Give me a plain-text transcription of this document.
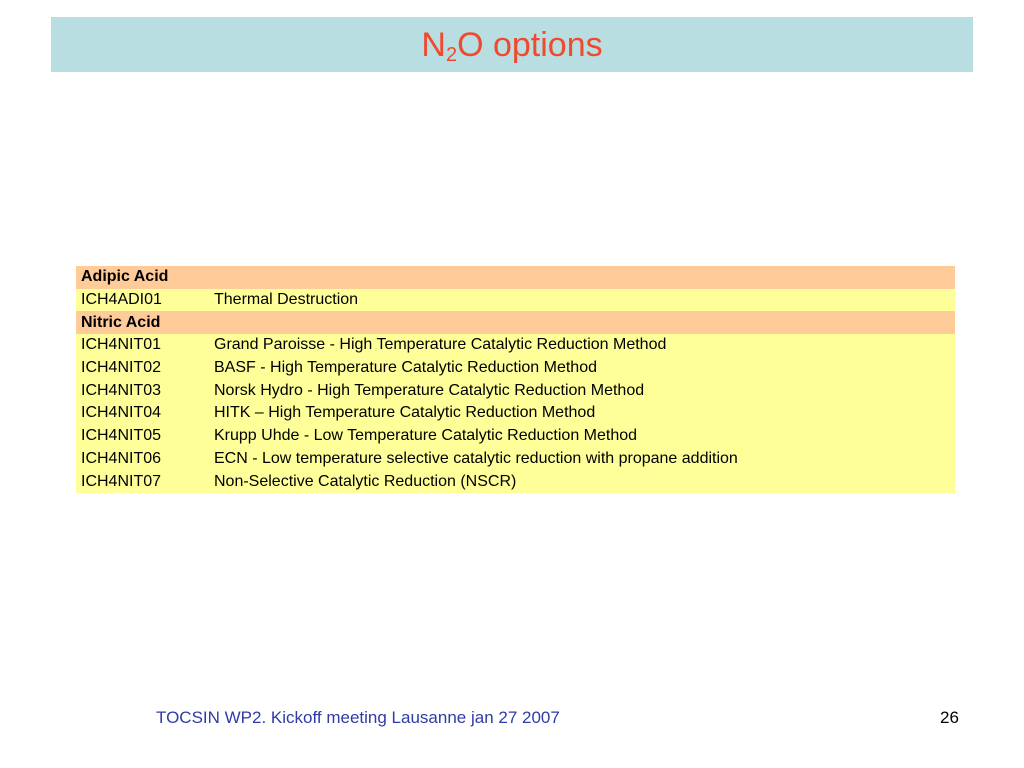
$N_2O$ options
Adipic Acid	
ICH4ADI01	Thermal Destruction
Nitric Acid	
ICH4NIT01	Grand Paroisse - High Temperature Catalytic Reduction Method
ICH4NIT02	BASF - High Temperature Catalytic Reduction Method
ICH4NIT03	Norsk Hydro - High Temperature Catalytic Reduction Method
ICH4NIT04	HITK – High Temperature Catalytic Reduction Method
ICH4NIT05	Krupp Uhde - Low Temperature Catalytic Reduction Method
ICH4NIT06	ECN - Low temperature selective catalytic reduction with propane addition
ICH4NIT07	Non-Selective Catalytic Reduction (NSCR)
TOCSIN WP2. Kickoff meeting Lausanne jan 27 2007	26
